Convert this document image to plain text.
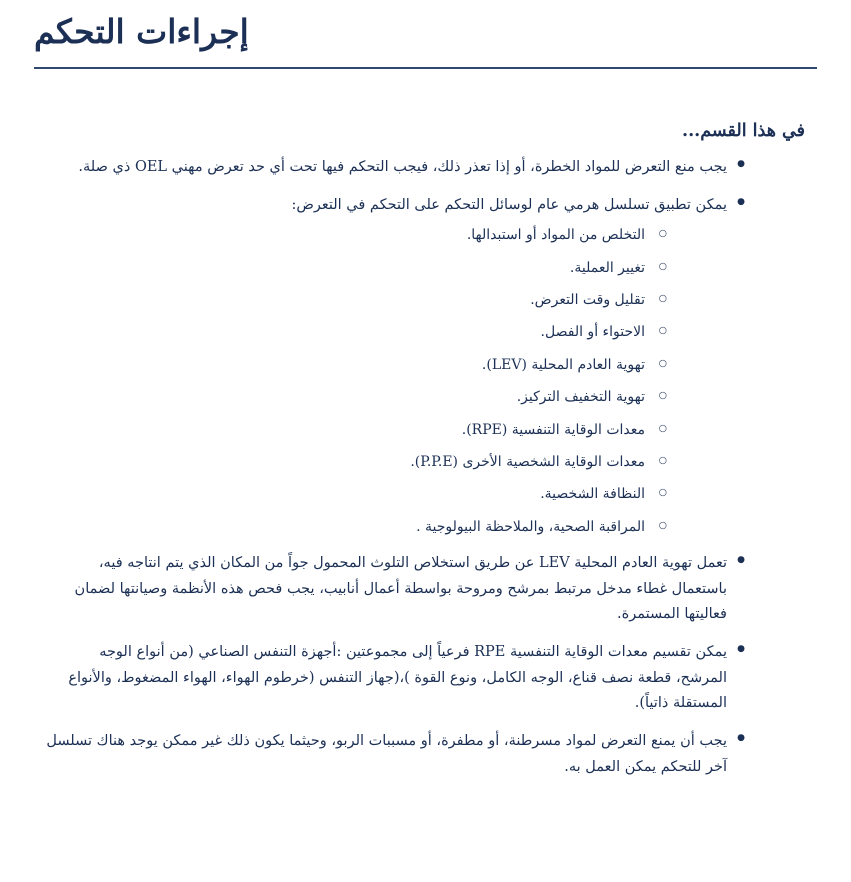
إجراءات التحكم
في هذا القسم...
● يجب منع التعرض للمواد الخطرة، أو إذا تعذر ذلك، فيجب التحكم فيها تحت أي حد تعرض مهني OEL ذي صلة.
● يمكن تطبيق تسلسل هرمي عام لوسائل التحكم على التحكم في التعرض:
○ التخلص من المواد أو استبدالها.
○ تغيير العملية.
○ تقليل وقت التعرض.
○ الاحتواء أو الفصل.
○ تهوية العادم المحلية (LEV).
○ تهوية التخفيف التركيز.
○ معدات الوقاية التنفسية (RPE).
○ معدات الوقاية الشخصية الأخرى (P.P.E).
○ النظافة الشخصية.
○ المراقبة الصحية، والملاحظة البيولوجية .
● تعمل تهوية العادم المحلية LEV عن طريق استخلاص التلوث المحمول جواً من المكان الذي يتم انتاجه فيه، باستعمال غطاء مدخل مرتبط بمرشح ومروحة بواسطة أعمال أنابيب، يجب فحص هذه الأنظمة وصيانتها لضمان فعاليتها المستمرة.
● يمكن تقسيم معدات الوقاية التنفسية RPE فرعياً إلى مجموعتين :أجهزة التنفس الصناعي (من أنواع الوجه المرشح، قطعة نصف قناع، الوجه الكامل، ونوع القوة )،(جهاز التنفس (خرطوم الهواء، الهواء المضغوط، والأنواع المستقلة ذاتياً).
● يجب أن يمنع التعرض لمواد مسرطنة، أو مطفرة، أو مسببات الربو، وحيثما يكون ذلك غير ممكن يوجد هناك تسلسل آخر للتحكم يمكن العمل به.
